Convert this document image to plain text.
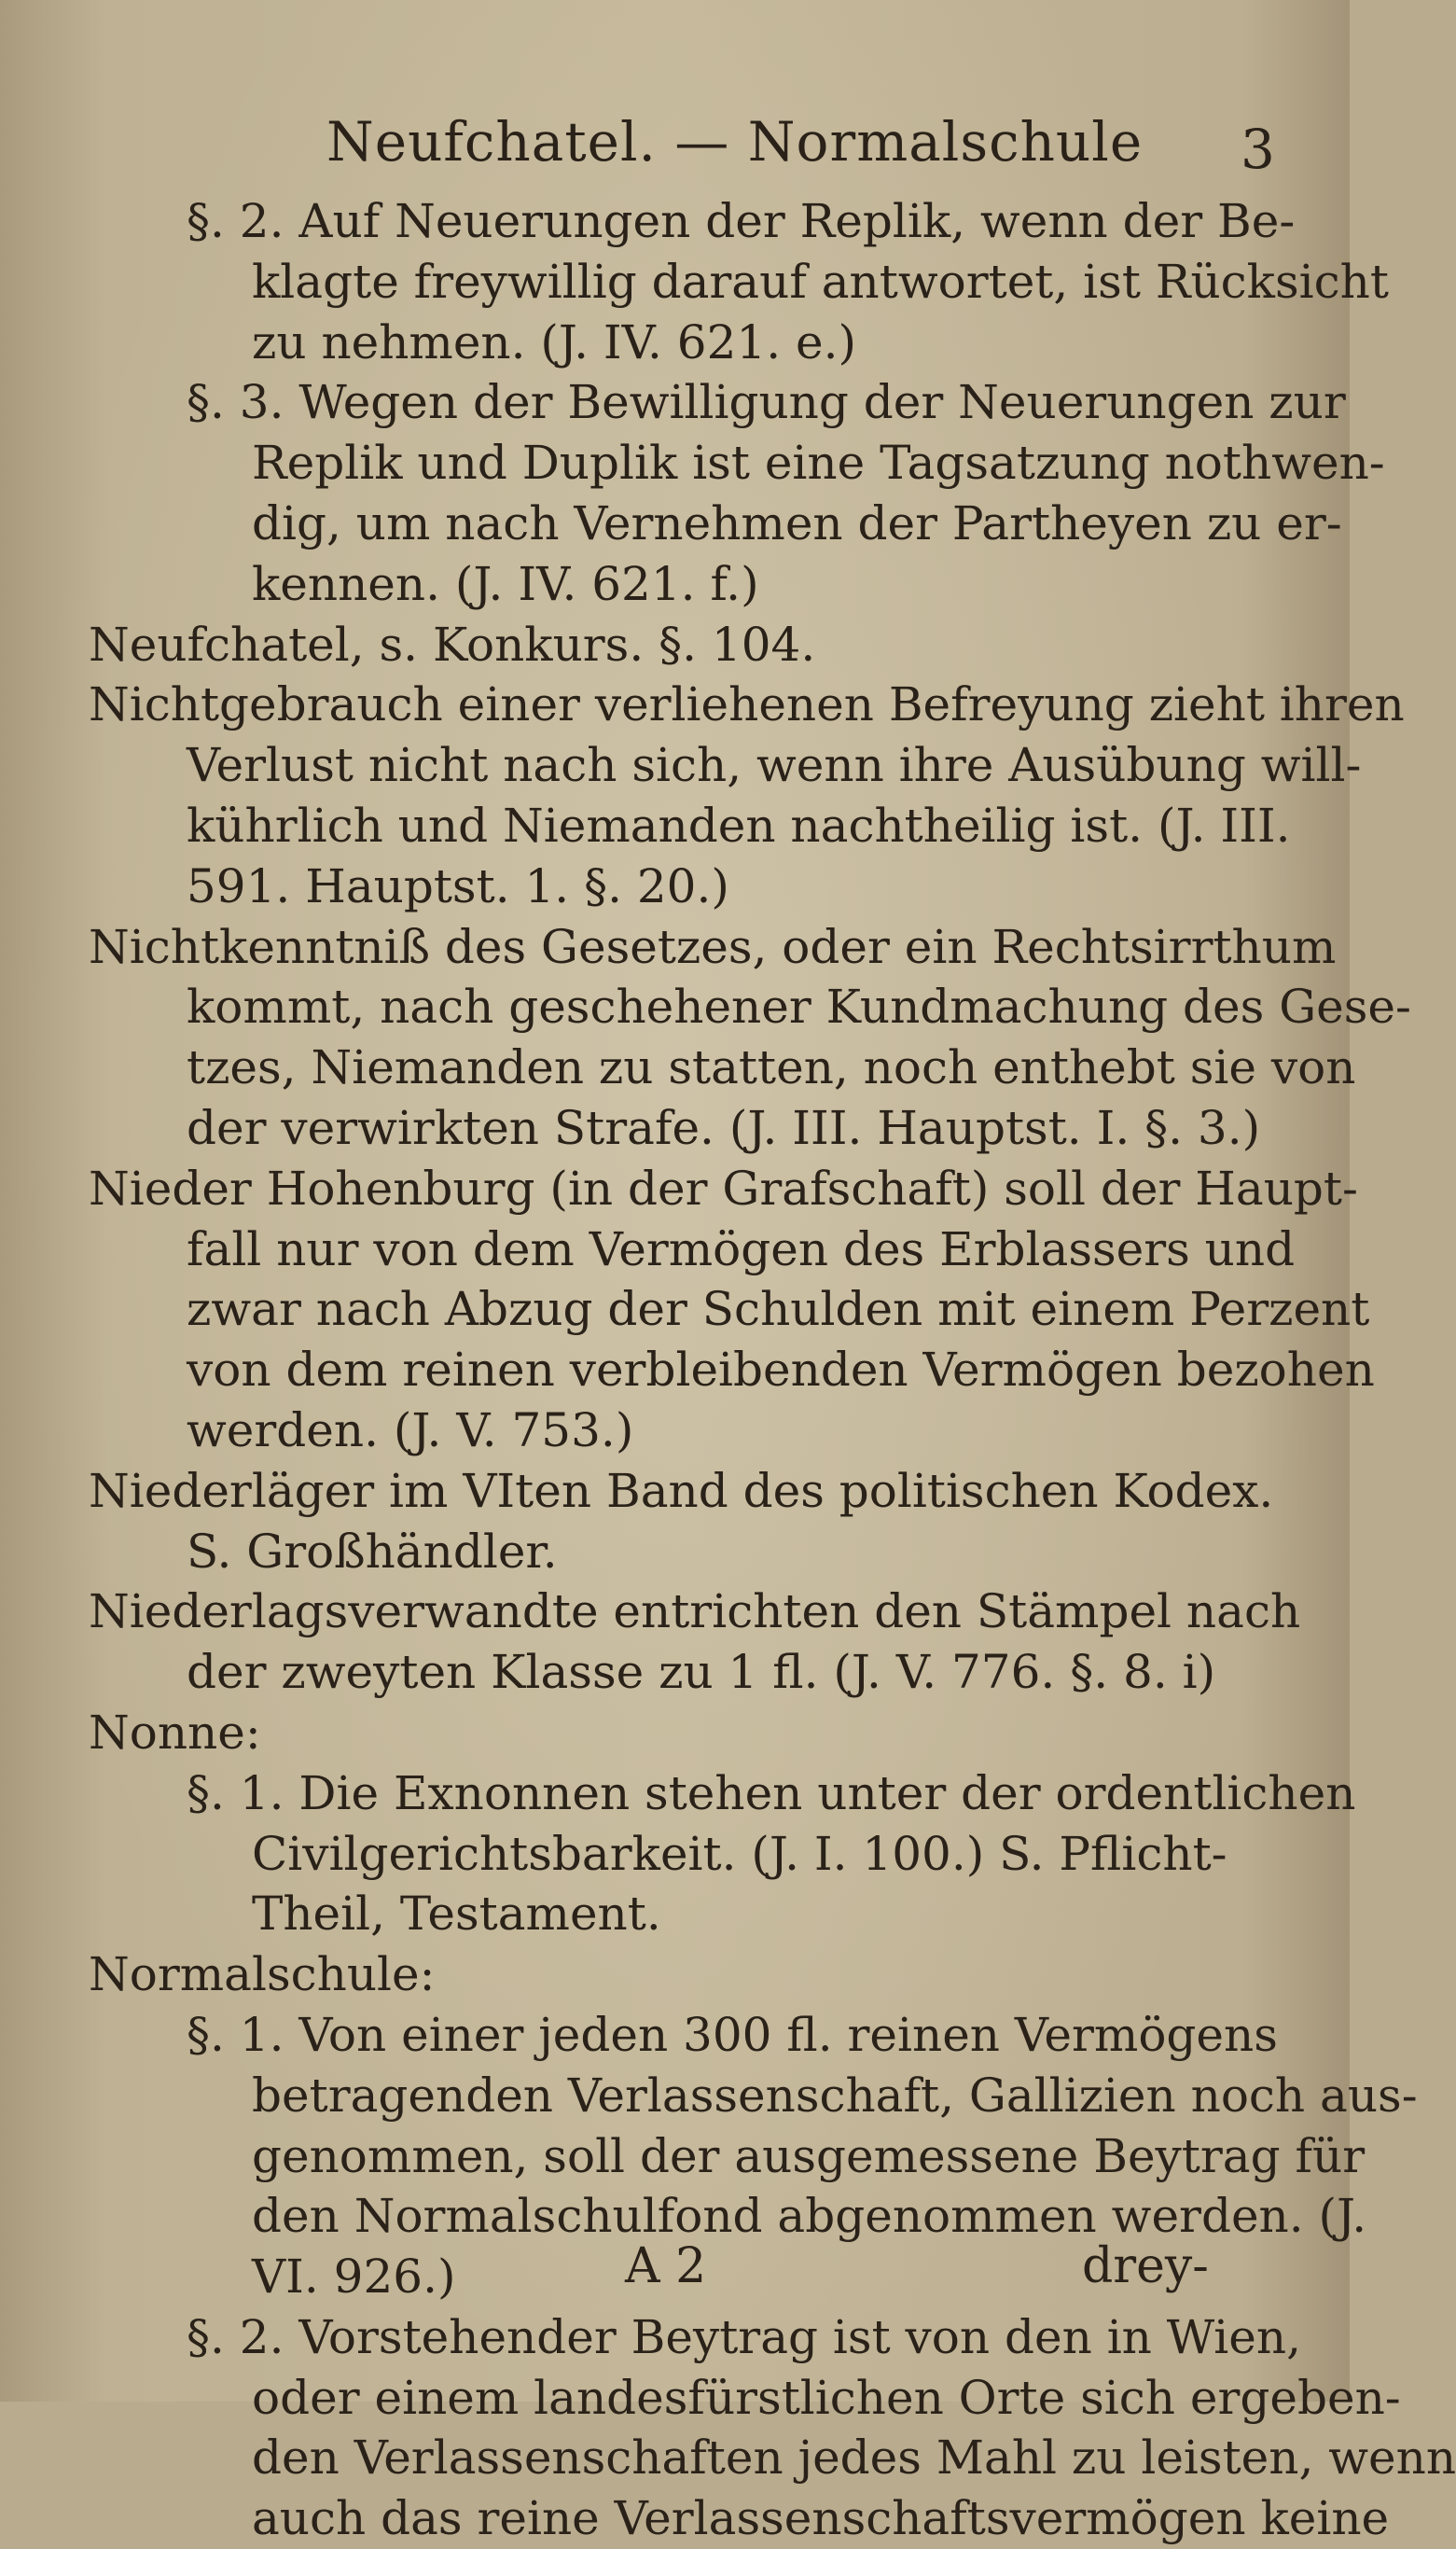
Neufchatel. — Normalschule 3
§. 2. Auf Neuerungen der Replik, wenn der Be-
klagte freywillig darauf antwortet, ist Rücksicht
zu nehmen. (J. IV. 621. e.)
§. 3. Wegen der Bewilligung der Neuerungen zur
Replik und Duplik ist eine Tagsatzung nothwen-
dig, um nach Vernehmen der Partheyen zu er-
kennen. (J. IV. 621. f.)
Neufchatel, s. Konkurs. §. 104.
Nichtgebrauch einer verliehenen Befreyung zieht ihren
Verlust nicht nach sich, wenn ihre Ausübung will-
kührlich und Niemanden nachtheilig ist. (J. III.
591. Hauptst. 1. §. 20.)
Nichtkenntniß des Gesetzes, oder ein Rechtsirrthum
kommt, nach geschehener Kundmachung des Gese-
tzes, Niemanden zu statten, noch enthebt sie von
der verwirkten Strafe. (J. III. Hauptst. I. §. 3.)
Nieder Hohenburg (in der Grafschaft) soll der Haupt-
fall nur von dem Vermögen des Erblassers und
zwar nach Abzug der Schulden mit einem Perzent
von dem reinen verbleibenden Vermögen bezohen
werden. (J. V. 753.)
Niederläger im VIten Band des politischen Kodex.
S. Großhändler.
Niederlagsverwandte entrichten den Stämpel nach
der zweyten Klasse zu 1 fl. (J. V. 776. §. 8. i)
Nonne:
§. 1. Die Exnonnen stehen unter der ordentlichen
Civilgerichtsbarkeit. (J. I. 100.) S. Pflicht-
Theil, Testament.
Normalschule:
§. 1. Von einer jeden 300 fl. reinen Vermögens
betragenden Verlassenschaft, Gallizien noch aus-
genommen, soll der ausgemessene Beytrag für
den Normalschulfond abgenommen werden. (J.
VI. 926.)
§. 2. Vorstehender Beytrag ist von den in Wien,
oder einem landesfürstlichen Orte sich ergeben-
den Verlassenschaften jedes Mahl zu leisten, wenn
auch das reine Verlassenschaftsvermögen keine
A 2	drey-
